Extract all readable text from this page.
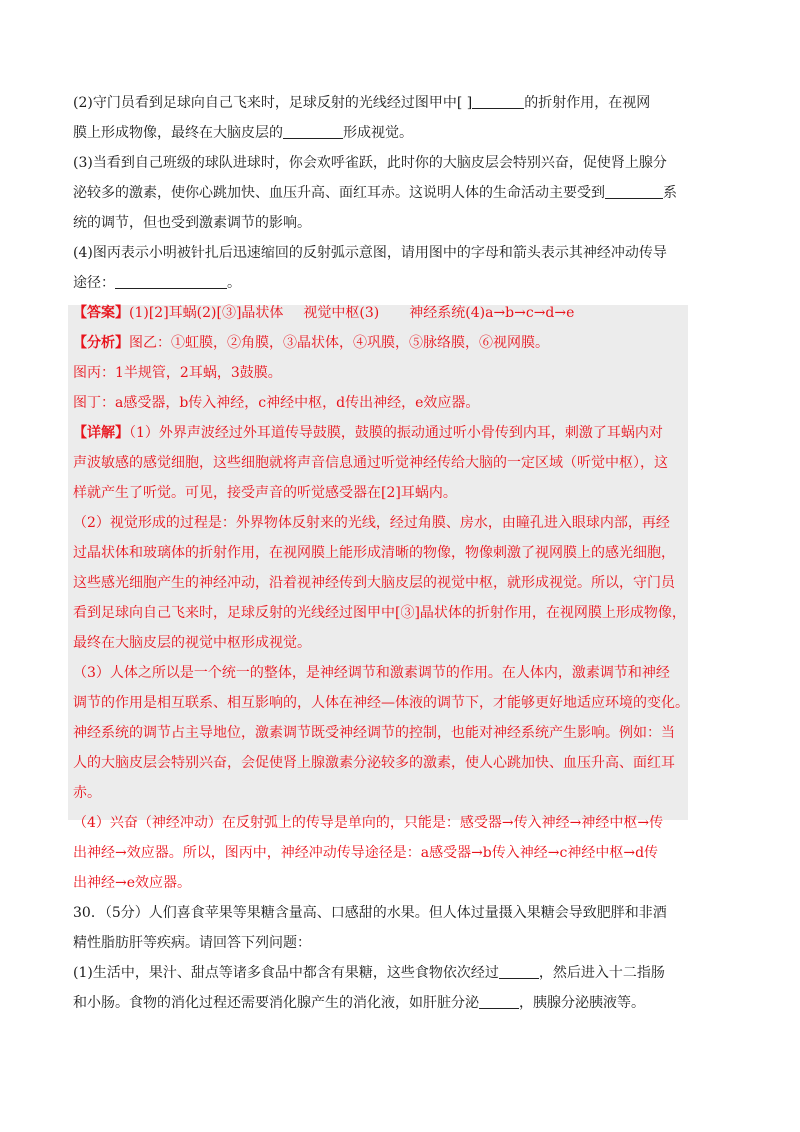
(2)守门员看到足球向自己飞来时，足球反射的光线经过图甲中[ ]	的折射作用，在视网
膜上形成物像，最终在大脑皮层的	形成视觉。
(3)当看到自己班级的球队进球时，你会欢呼雀跃，此时你的大脑皮层会特别兴奋，促使肾上腺分
泌较多的激素，使你心跳加快、血压升高、面红耳赤。这说明人体的生命活动主要受到	系
统的调节，但也受到激素调节的影响。
(4)图丙表示小明被针扎后迅速缩回的反射弧示意图，请用图中的字母和箭头表示其神经冲动传导
途径：	。
【答案】(1)[2]耳蜗(2)[③]晶状体 视觉中枢(3) 神经系统(4)a→b→c→d→e
【分析】图乙：①虹膜，②角膜，③晶状体，④巩膜，⑤脉络膜，⑥视网膜。
图丙：1半规管，2耳蜗，3鼓膜。
图丁：a感受器，b传入神经，c神经中枢，d传出神经，e效应器。
【详解】（1）外界声波经过外耳道传导鼓膜，鼓膜的振动通过听小骨传到内耳，刺激了耳蜗内对
声波敏感的感觉细胞，这些细胞就将声音信息通过听觉神经传给大脑的一定区域（听觉中枢），这
样就产生了听觉。可见，接受声音的听觉感受器在[2]耳蜗内。
（2）视觉形成的过程是：外界物体反射来的光线，经过角膜、房水，由瞳孔进入眼球内部，再经
过晶状体和玻璃体的折射作用，在视网膜上能形成清晰的物像，物像刺激了视网膜上的感光细胞，
这些感光细胞产生的神经冲动，沿着视神经传到大脑皮层的视觉中枢，就形成视觉。所以，守门员
看到足球向自己飞来时，足球反射的光线经过图甲中[③]晶状体的折射作用，在视网膜上形成物像，
最终在大脑皮层的视觉中枢形成视觉。
（3）人体之所以是一个统一的整体，是神经调节和激素调节的作用。在人体内，激素调节和神经
调节的作用是相互联系、相互影响的，人体在神经—体液的调节下，才能够更好地适应环境的变化。
神经系统的调节占主导地位，激素调节既受神经调节的控制，也能对神经系统产生影响。例如：当
人的大脑皮层会特别兴奋，会促使肾上腺激素分泌较多的激素，使人心跳加快、血压升高、面红耳
赤。
（4）兴奋（神经冲动）在反射弧上的传导是单向的，只能是：感受器→传入神经→神经中枢→传
出神经→效应器。所以，图丙中，神经冲动传导途径是：a感受器→b传入神经→c神经中枢→d传
出神经→e效应器。
30．（5分）人们喜食苹果等果糖含量高、口感甜的水果。但人体过量摄入果糖会导致肥胖和非酒
精性脂肪肝等疾病。请回答下列问题：
(1)生活中，果汁、甜点等诸多食品中都含有果糖，这些食物依次经过	，然后进入十二指肠
和小肠。食物的消化过程还需要消化腺产生的消化液，如肝脏分泌	，胰腺分泌胰液等。
